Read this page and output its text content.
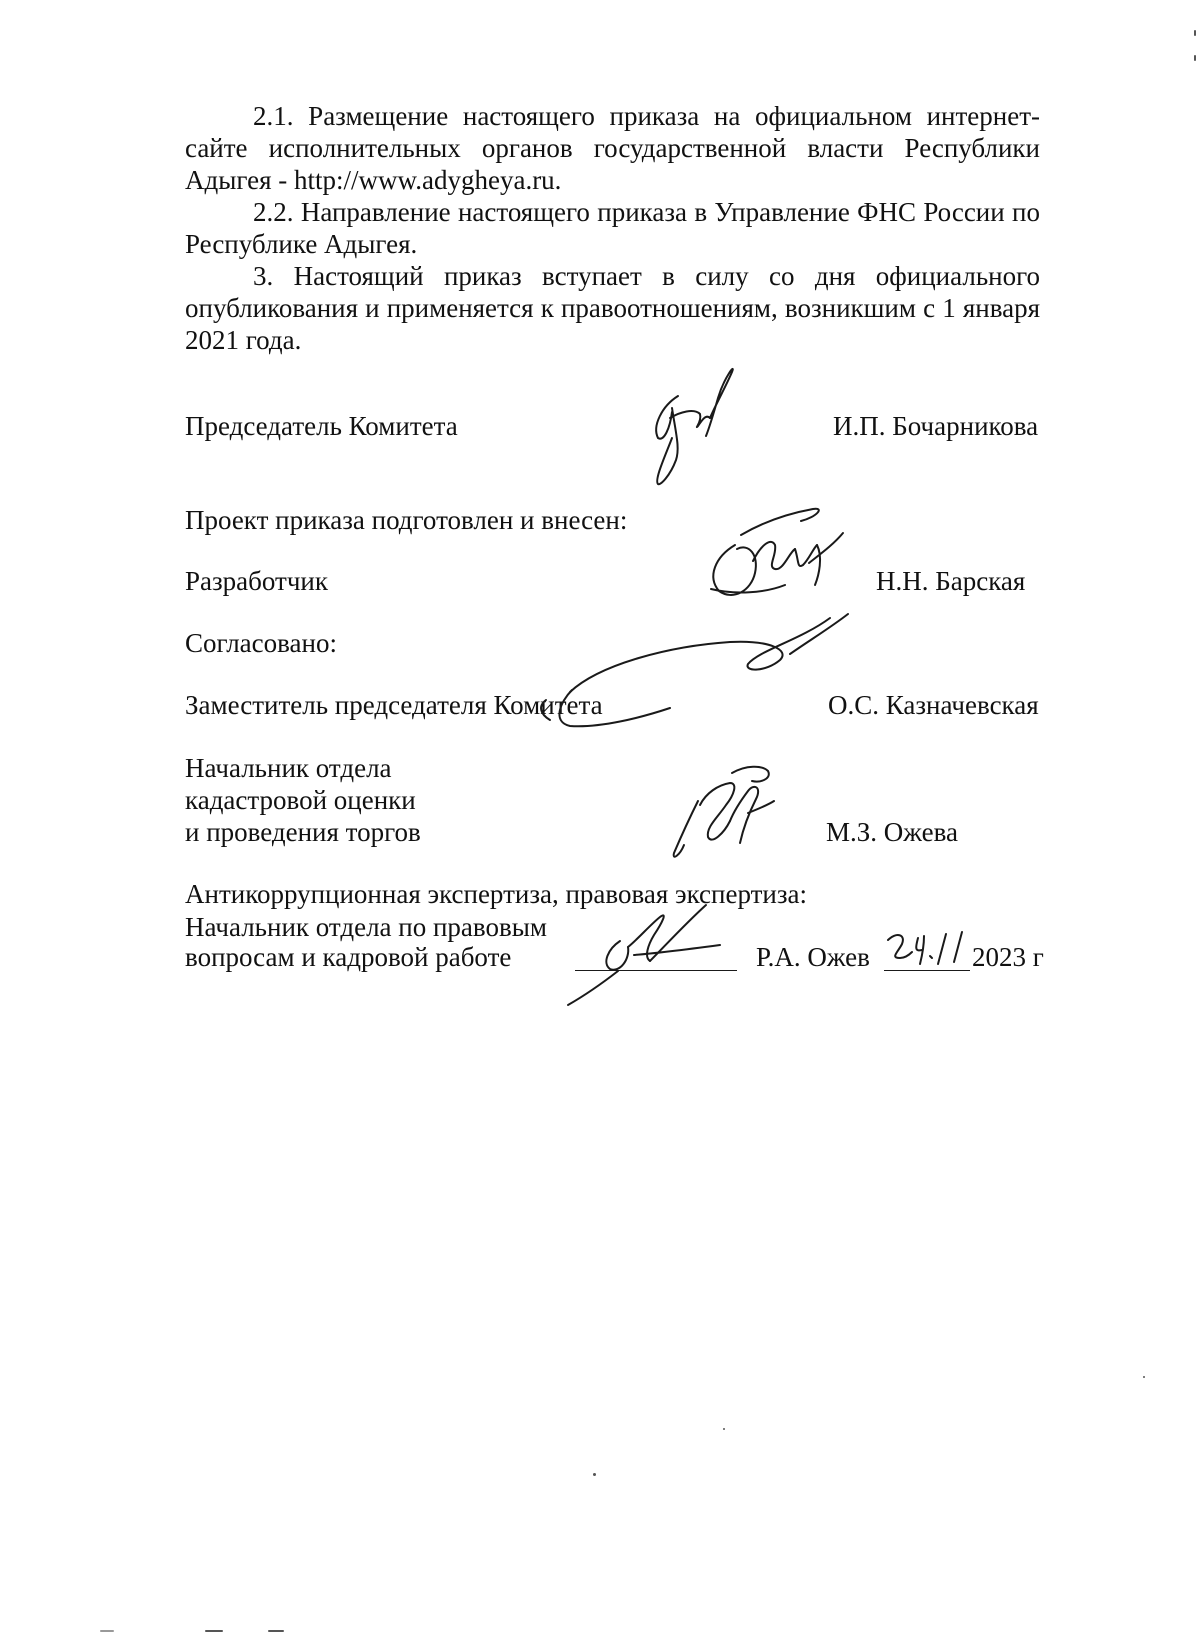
2.1. Размещение настоящего приказа на официальном интернет-сайте исполнительных органов государственной власти Республики Адыгея - http://www.adygheya.ru.

2.2. Направление настоящего приказа в Управление ФНС России по Республике Адыгея.

3. Настоящий приказ вступает в силу со дня официального опубликования и применяется к правоотношениям, возникшим с 1 января 2021 года.

Председатель Комитета	И.П. Бочарникова

Проект приказа подготовлен и внесен:

Разработчик	Н.Н. Барская

Согласовано:

Заместитель председателя Комитета	О.С. Казначевская

Начальник отдела

кадастровой оценки

и проведения торгов	М.З. Ожева

Антикоррупционная экспертиза, правовая экспертиза:

Начальник отдела по правовым

вопросам и кадровой работе	Р.А. Ожев	2023 г
